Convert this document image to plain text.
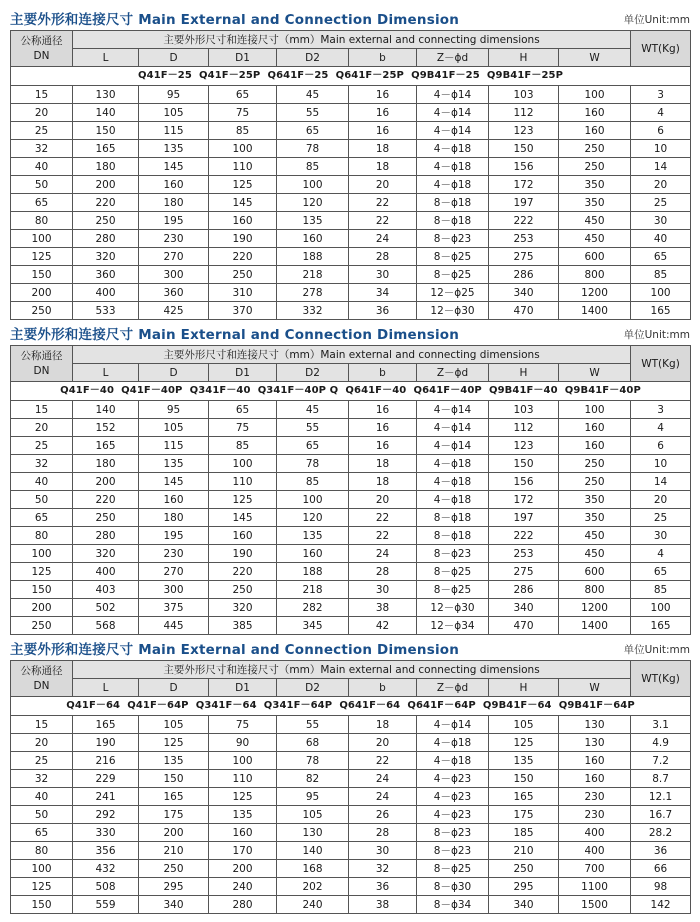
主要外形和连接尺寸 Main External and Connection Dimension	单位Unit:mm
公称通径
DN	主要外形尺寸和连接尺寸（mm）Main external and connecting dimensions								WT(Kg)
	L	D	D1	D2	b	Z－ϕd	H	W	
Q41F－25  Q41F－25P  Q641F－25  Q641F－25P  Q9B41F－25  Q9B41F－25P									
15	130	95	65	45	16	4－ϕ14	103	100	3
20	140	105	75	55	16	4－ϕ14	112	160	4
25	150	115	85	65	16	4－ϕ14	123	160	6
32	165	135	100	78	18	4－ϕ18	150	250	10
40	180	145	110	85	18	4－ϕ18	156	250	14
50	200	160	125	100	20	4－ϕ18	172	350	20
65	220	180	145	120	22	8－ϕ18	197	350	25
80	250	195	160	135	22	8－ϕ18	222	450	30
100	280	230	190	160	24	8－ϕ23	253	450	40
125	320	270	220	188	28	8－ϕ25	275	600	65
150	360	300	250	218	30	8－ϕ25	286	800	85
200	400	360	310	278	34	12－ϕ25	340	1200	100
250	533	425	370	332	36	12－ϕ30	470	1400	165
主要外形和连接尺寸 Main External and Connection Dimension	单位Unit:mm
公称通径
DN	主要外形尺寸和连接尺寸（mm）Main external and connecting dimensions								WT(Kg)
	L	D	D1	D2	b	Z－ϕd	H	W	
Q41F－40  Q41F－40P  Q341F－40  Q341F－40P Q  Q641F－40  Q641F－40P  Q9B41F－40  Q9B41F－40P									
15	140	95	65	45	16	4－ϕ14	103	100	3
20	152	105	75	55	16	4－ϕ14	112	160	4
25	165	115	85	65	16	4－ϕ14	123	160	6
32	180	135	100	78	18	4－ϕ18	150	250	10
40	200	145	110	85	18	4－ϕ18	156	250	14
50	220	160	125	100	20	4－ϕ18	172	350	20
65	250	180	145	120	22	8－ϕ18	197	350	25
80	280	195	160	135	22	8－ϕ18	222	450	30
100	320	230	190	160	24	8－ϕ23	253	450	4
125	400	270	220	188	28	8－ϕ25	275	600	65
150	403	300	250	218	30	8－ϕ25	286	800	85
200	502	375	320	282	38	12－ϕ30	340	1200	100
250	568	445	385	345	42	12－ϕ34	470	1400	165
主要外形和连接尺寸 Main External and Connection Dimension	单位Unit:mm
公称通径
DN	主要外形尺寸和连接尺寸（mm）Main external and connecting dimensions								WT(Kg)
	L	D	D1	D2	b	Z－ϕd	H	W	
Q41F－64  Q41F－64P  Q341F－64  Q341F－64P  Q641F－64  Q641F－64P  Q9B41F－64  Q9B41F－64P									
15	165	105	75	55	18	4－ϕ14	105	130	3.1
20	190	125	90	68	20	4－ϕ18	125	130	4.9
25	216	135	100	78	22	4－ϕ18	135	160	7.2
32	229	150	110	82	24	4－ϕ23	150	160	8.7
40	241	165	125	95	24	4－ϕ23	165	230	12.1
50	292	175	135	105	26	4－ϕ23	175	230	16.7
65	330	200	160	130	28	8－ϕ23	185	400	28.2
80	356	210	170	140	30	8－ϕ23	210	400	36
100	432	250	200	168	32	8－ϕ25	250	700	66
125	508	295	240	202	36	8－ϕ30	295	1100	98
150	559	340	280	240	38	8－ϕ34	340	1500	142
